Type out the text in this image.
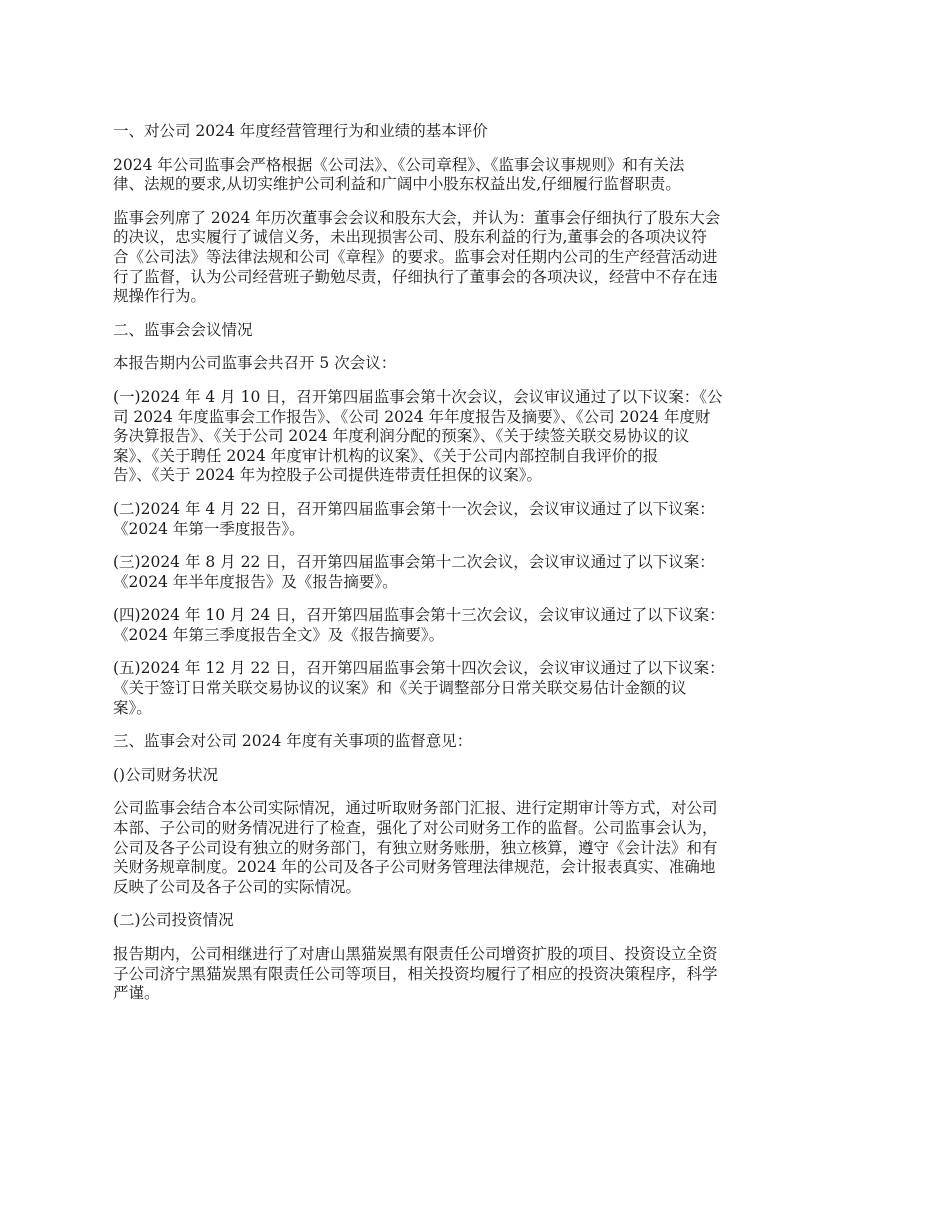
一、对公司 2024 年度经营管理行为和业绩的基本评价

2024 年公司监事会严格根据《公司法》、《公司章程》、《监事会议事规则》和有关法
律、法规的要求,从切实维护公司利益和广阔中小股东权益出发,仔细履行监督职责。

监事会列席了 2024 年历次董事会会议和股东大会，并认为：董事会仔细执行了股东大会
的决议，忠实履行了诚信义务，未出现损害公司、股东利益的行为,董事会的各项决议符
合《公司法》等法律法规和公司《章程》的要求。监事会对任期内公司的生产经营活动进
行了监督，认为公司经营班子勤勉尽责，仔细执行了董事会的各项决议，经营中不存在违
规操作行为。

二、监事会会议情况

本报告期内公司监事会共召开 5 次会议：

(一)2024 年 4 月 10 日，召开第四届监事会第十次会议，会议审议通过了以下议案：《公
司 2024 年度监事会工作报告》、《公司 2024 年年度报告及摘要》、《公司 2024 年度财
务决算报告》、《关于公司 2024 年度利润分配的预案》、《关于续签关联交易协议的议
案》、《关于聘任 2024 年度审计机构的议案》、《关于公司内部控制自我评价的报
告》、《关于 2024 年为控股子公司提供连带责任担保的议案》。

(二)2024 年 4 月 22 日，召开第四届监事会第十一次会议，会议审议通过了以下议案：
《2024 年第一季度报告》。

(三)2024 年 8 月 22 日，召开第四届监事会第十二次会议，会议审议通过了以下议案：
《2024 年半年度报告》及《报告摘要》。

(四)2024 年 10 月 24 日，召开第四届监事会第十三次会议，会议审议通过了以下议案：
《2024 年第三季度报告全文》及《报告摘要》。

(五)2024 年 12 月 22 日，召开第四届监事会第十四次会议，会议审议通过了以下议案：
《关于签订日常关联交易协议的议案》和《关于调整部分日常关联交易估计金额的议
案》。

三、监事会对公司 2024 年度有关事项的监督意见：

()公司财务状况

公司监事会结合本公司实际情况，通过听取财务部门汇报、进行定期审计等方式，对公司
本部、子公司的财务情况进行了检查，强化了对公司财务工作的监督。公司监事会认为，
公司及各子公司设有独立的财务部门，有独立财务账册，独立核算，遵守《会计法》和有
关财务规章制度。2024 年的公司及各子公司财务管理法律规范，会计报表真实、准确地
反映了公司及各子公司的实际情况。

(二)公司投资情况

报告期内，公司相继进行了对唐山黑猫炭黑有限责任公司增资扩股的项目、投资设立全资
子公司济宁黑猫炭黑有限责任公司等项目，相关投资均履行了相应的投资决策程序，科学
严谨。
